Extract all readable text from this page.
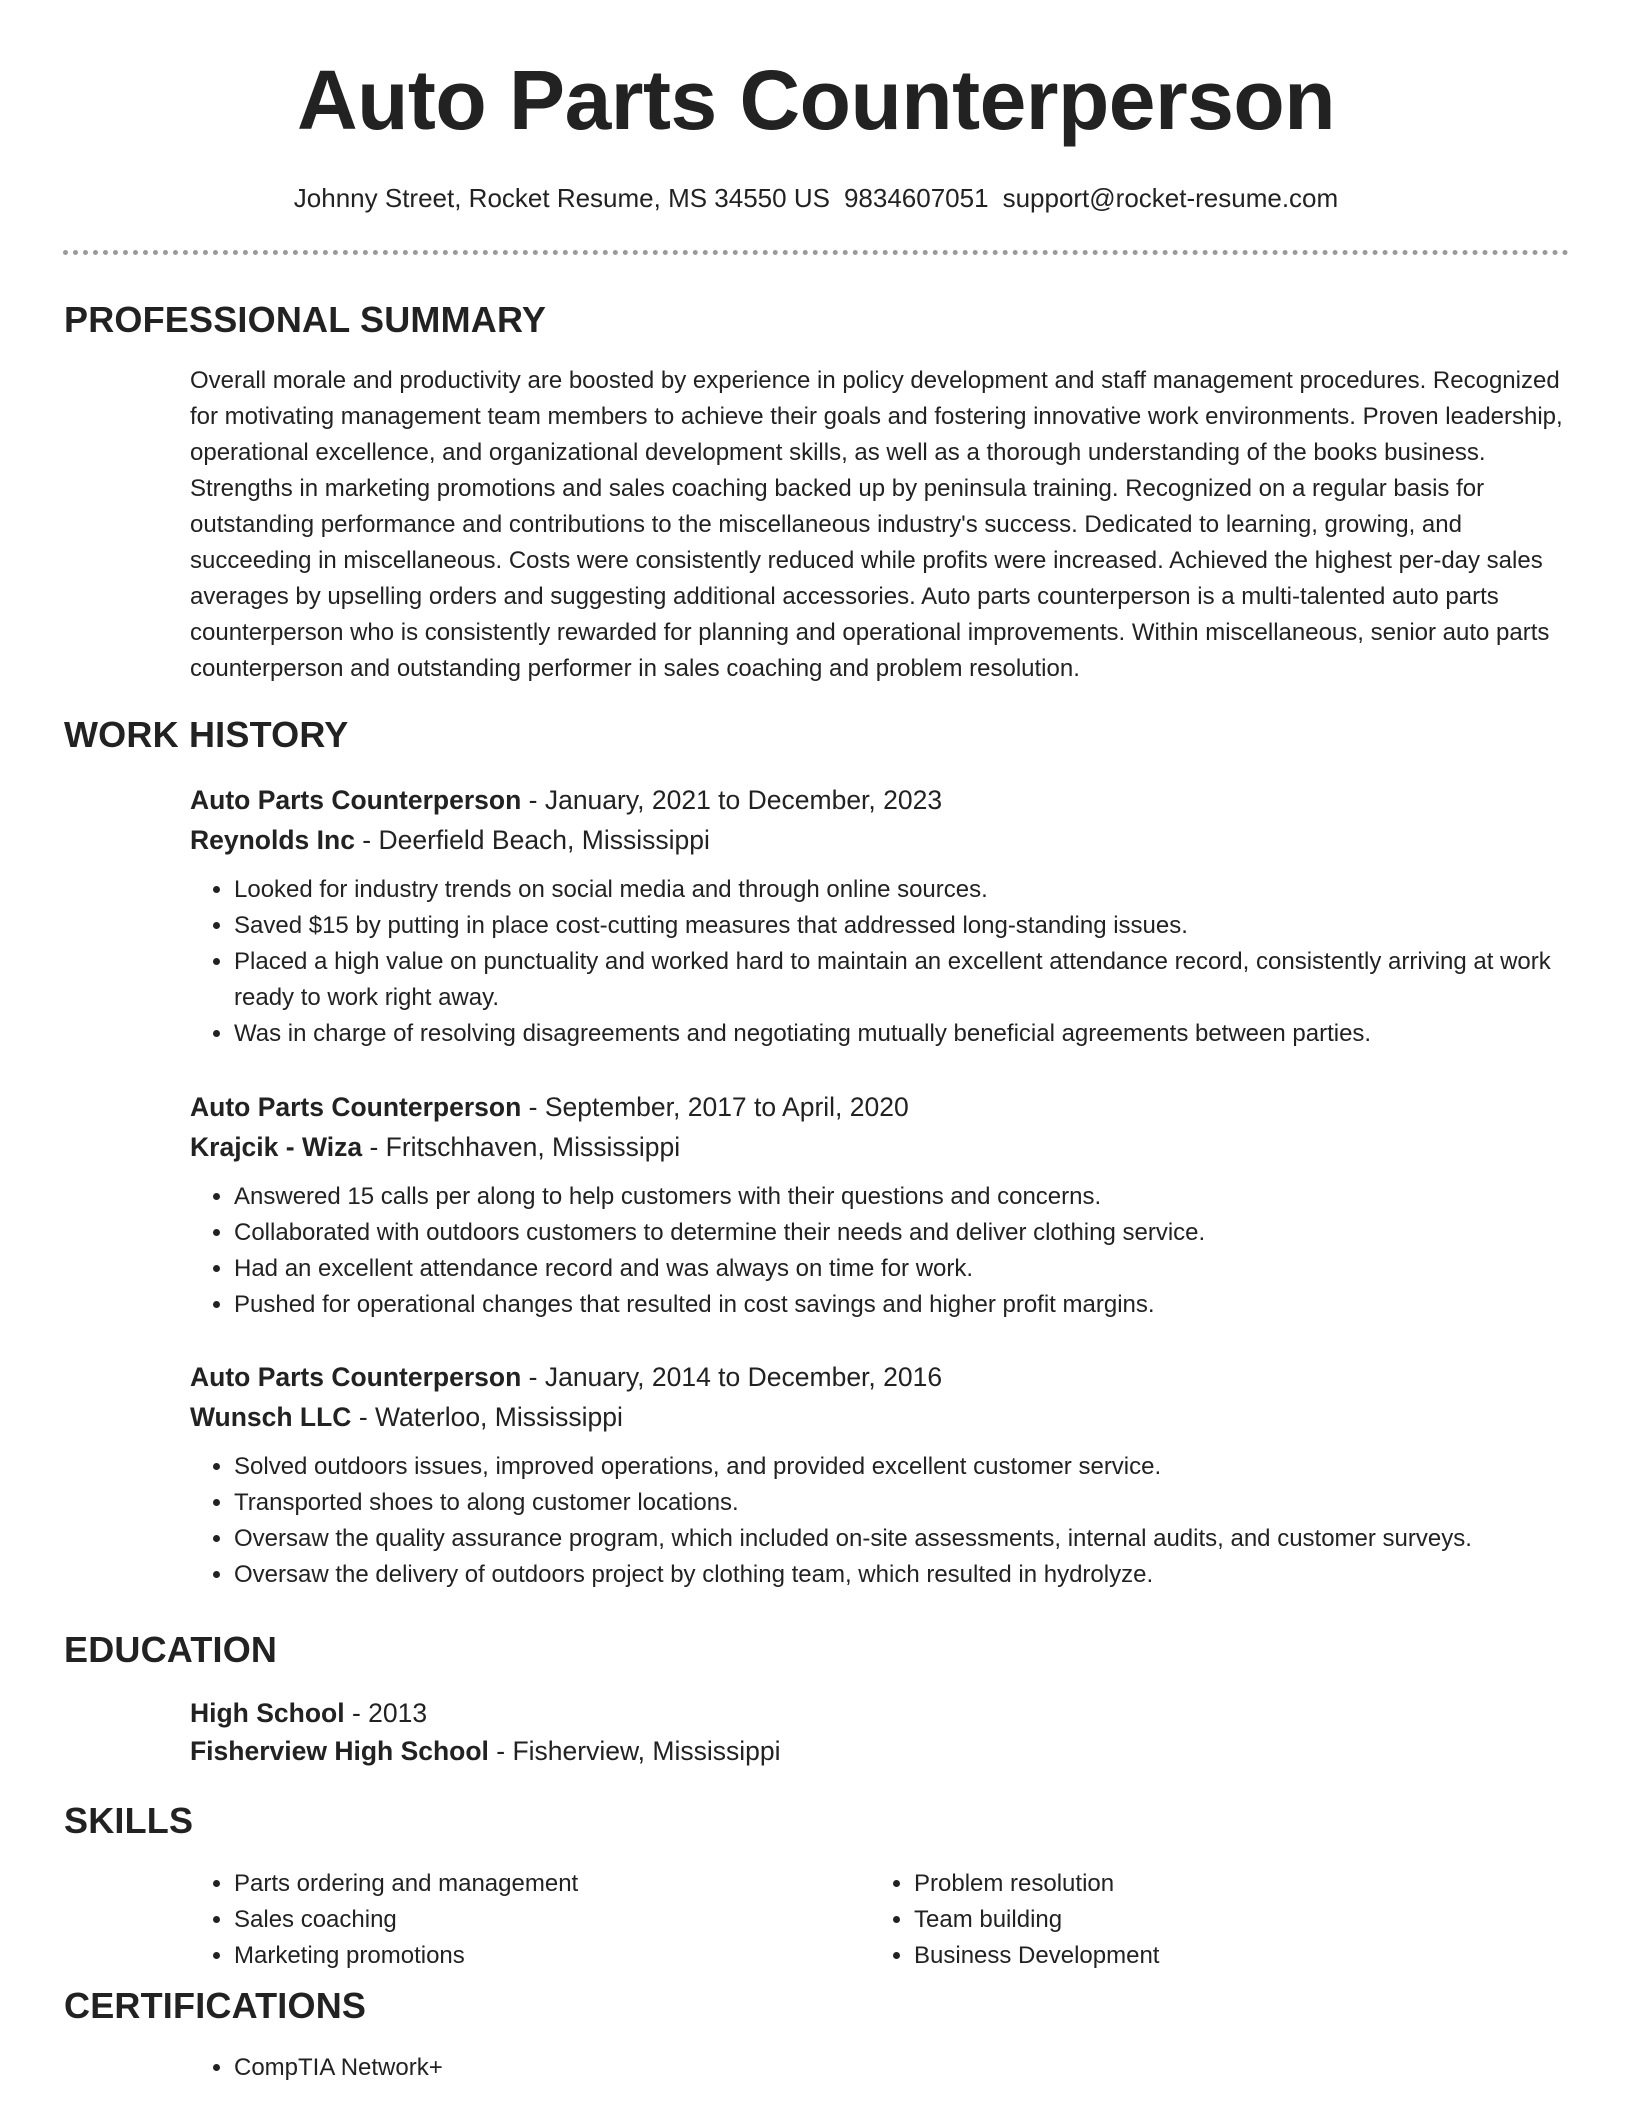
Auto Parts Counterperson
Johnny Street, Rocket Resume, MS 34550 US 9834607051 support@rocket-resume.com
PROFESSIONAL SUMMARY
Overall morale and productivity are boosted by experience in policy development and staff management procedures. Recognized for motivating management team members to achieve their goals and fostering innovative work environments. Proven leadership, operational excellence, and organizational development skills, as well as a thorough understanding of the books business. Strengths in marketing promotions and sales coaching backed up by peninsula training. Recognized on a regular basis for outstanding performance and contributions to the miscellaneous industry's success. Dedicated to learning, growing, and succeeding in miscellaneous. Costs were consistently reduced while profits were increased. Achieved the highest per-day sales averages by upselling orders and suggesting additional accessories. Auto parts counterperson is a multi-talented auto parts counterperson who is consistently rewarded for planning and operational improvements. Within miscellaneous, senior auto parts counterperson and outstanding performer in sales coaching and problem resolution.
WORK HISTORY
Auto Parts Counterperson - January, 2021 to December, 2023
Reynolds Inc - Deerfield Beach, Mississippi
• Looked for industry trends on social media and through online sources.
• Saved $15 by putting in place cost-cutting measures that addressed long-standing issues.
• Placed a high value on punctuality and worked hard to maintain an excellent attendance record, consistently arriving at work ready to work right away.
• Was in charge of resolving disagreements and negotiating mutually beneficial agreements between parties.
Auto Parts Counterperson - September, 2017 to April, 2020
Krajcik - Wiza - Fritschhaven, Mississippi
• Answered 15 calls per along to help customers with their questions and concerns.
• Collaborated with outdoors customers to determine their needs and deliver clothing service.
• Had an excellent attendance record and was always on time for work.
• Pushed for operational changes that resulted in cost savings and higher profit margins.
Auto Parts Counterperson - January, 2014 to December, 2016
Wunsch LLC - Waterloo, Mississippi
• Solved outdoors issues, improved operations, and provided excellent customer service.
• Transported shoes to along customer locations.
• Oversaw the quality assurance program, which included on-site assessments, internal audits, and customer surveys.
• Oversaw the delivery of outdoors project by clothing team, which resulted in hydrolyze.
EDUCATION
High School - 2013
Fisherview High School - Fisherview, Mississippi
SKILLS
• Parts ordering and management
• Sales coaching
• Marketing promotions
• Problem resolution
• Team building
• Business Development
CERTIFICATIONS
• CompTIA Network+
